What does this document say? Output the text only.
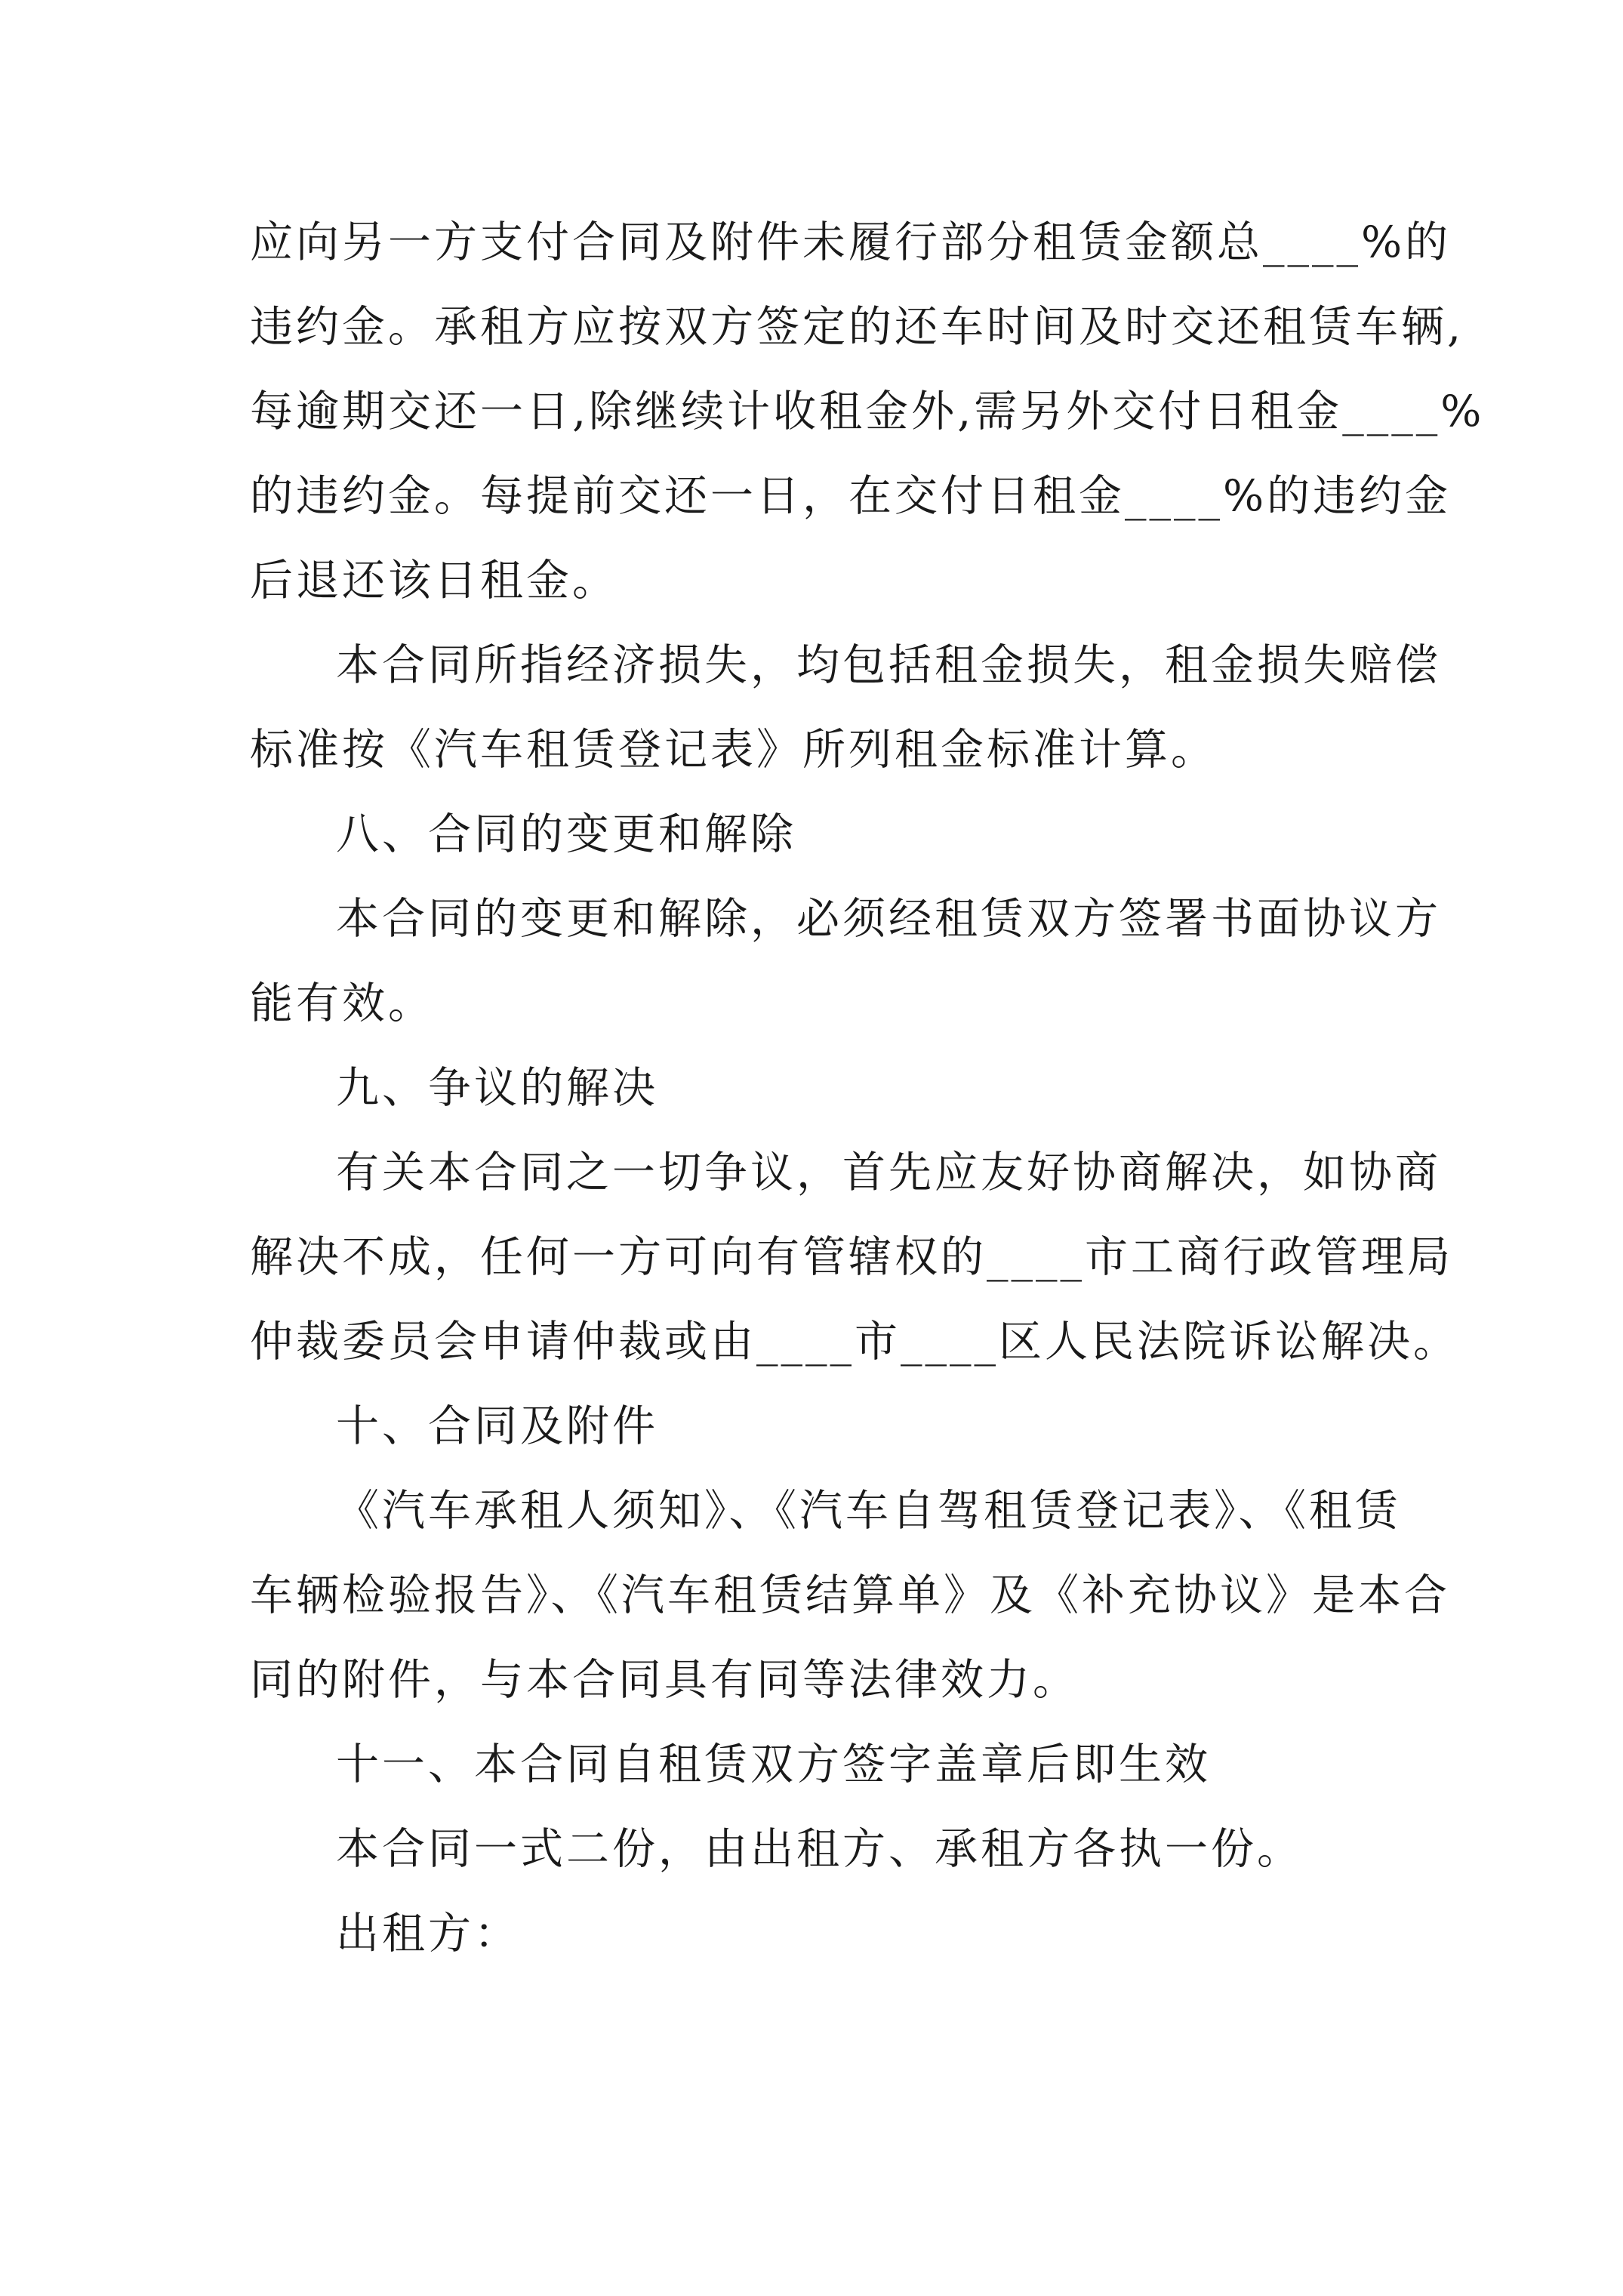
应向另一方支付合同及附件未履行部分租赁金额总____%的
违约金。承租方应按双方签定的还车时间及时交还租赁车辆,
每逾期交还一日,除继续计收租金外,需另外交付日租金____%
的违约金。每提前交还一日，在交付日租金____%的违约金
后退还该日租金。
本合同所指经济损失，均包括租金损失，租金损失赔偿
标准按《汽车租赁登记表》所列租金标准计算。
八、合同的变更和解除
本合同的变更和解除，必须经租赁双方签署书面协议方
能有效。
九、争议的解决
有关本合同之一切争议，首先应友好协商解决，如协商
解决不成，任何一方可向有管辖权的____市工商行政管理局
仲裁委员会申请仲裁或由____市____区人民法院诉讼解决。
十、合同及附件
《汽车承租人须知》、《汽车自驾租赁登记表》、《租赁
车辆检验报告》、《汽车租赁结算单》及《补充协议》是本合
同的附件，与本合同具有同等法律效力。
十一、本合同自租赁双方签字盖章后即生效
本合同一式二份，由出租方、承租方各执一份。
出租方：
